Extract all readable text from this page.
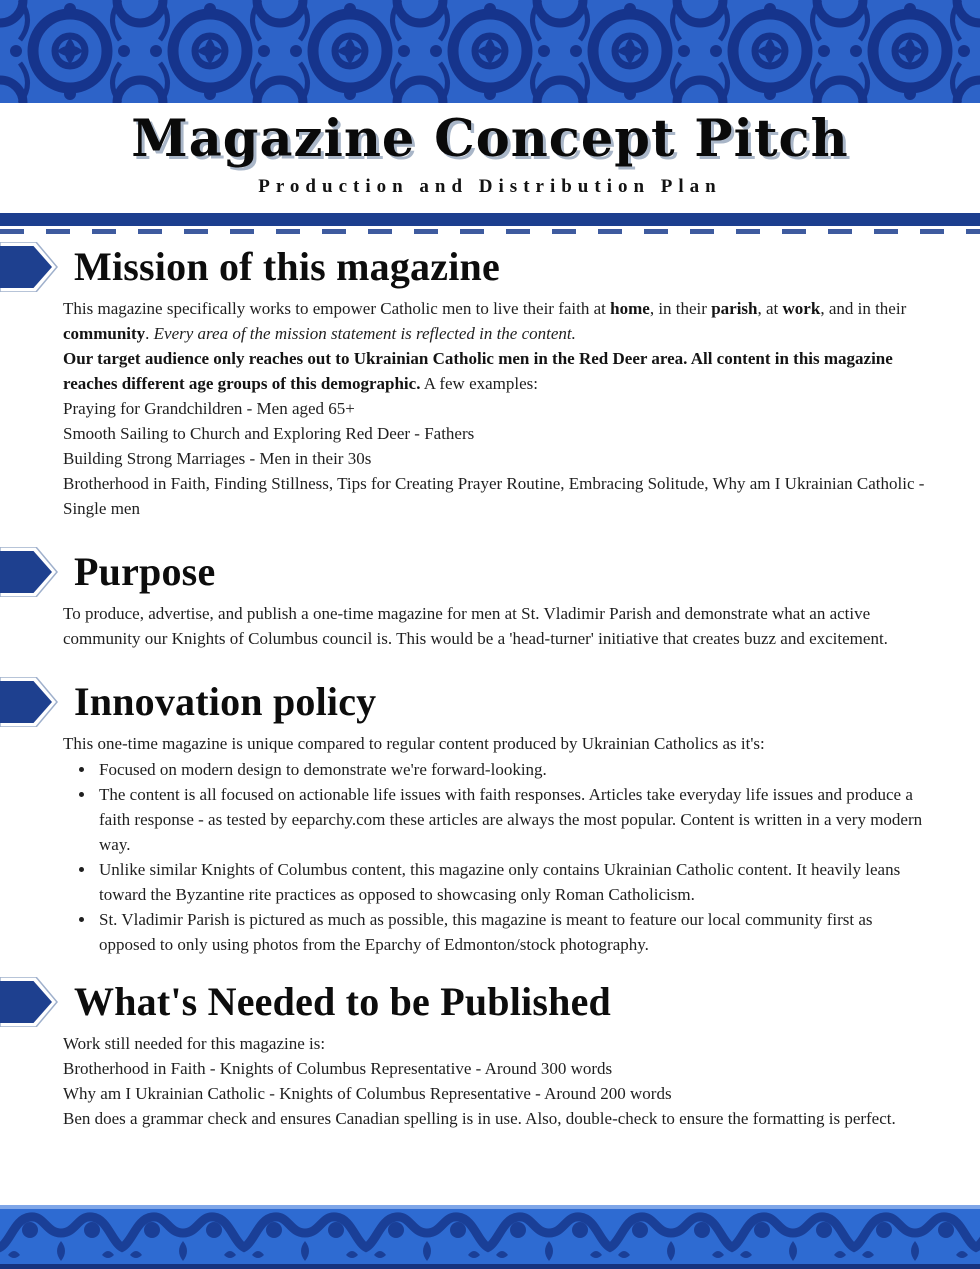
Magazine Concept Pitch
Production and Distribution Plan
Mission of this magazine

This magazine specifically works to empower Catholic men to live their faith at home, in their parish, at work, and in their community. Every area of the mission statement is reflected in the content.

Our target audience only reaches out to Ukrainian Catholic men in the Red Deer area. All content in this magazine reaches different age groups of this demographic. A few examples:

Praying for Grandchildren - Men aged 65+
Smooth Sailing to Church and Exploring Red Deer - Fathers
Building Strong Marriages - Men in their 30s
Brotherhood in Faith, Finding Stillness, Tips for Creating Prayer Routine, Embracing Solitude, Why am I Ukrainian Catholic - Single men
Purpose

To produce, advertise, and publish a one-time magazine for men at St. Vladimir Parish and demonstrate what an active community our Knights of Columbus council is. This would be a 'head-turner' initiative that creates buzz and excitement.

Innovation policy

This one-time magazine is unique compared to regular content produced by Ukrainian Catholics as it's:

• Focused on modern design to demonstrate we're forward-looking.
• The content is all focused on actionable life issues with faith responses. Articles take everyday life issues and produce a faith response - as tested by eeparchy.com these articles are always the most popular. Content is written in a very modern way.
• Unlike similar Knights of Columbus content, this magazine only contains Ukrainian Catholic content. It heavily leans toward the Byzantine rite practices as opposed to showcasing only Roman Catholicism.
• St. Vladimir Parish is pictured as much as possible, this magazine is meant to feature our local community first as opposed to only using photos from the Eparchy of Edmonton/stock photography.
What's Needed to be Published
Work still needed for this magazine is:
Brotherhood in Faith - Knights of Columbus Representative - Around 300 words
Why am I Ukrainian Catholic - Knights of Columbus Representative - Around 200 words
Ben does a grammar check and ensures Canadian spelling is in use. Also, double-check to ensure the formatting is perfect.
